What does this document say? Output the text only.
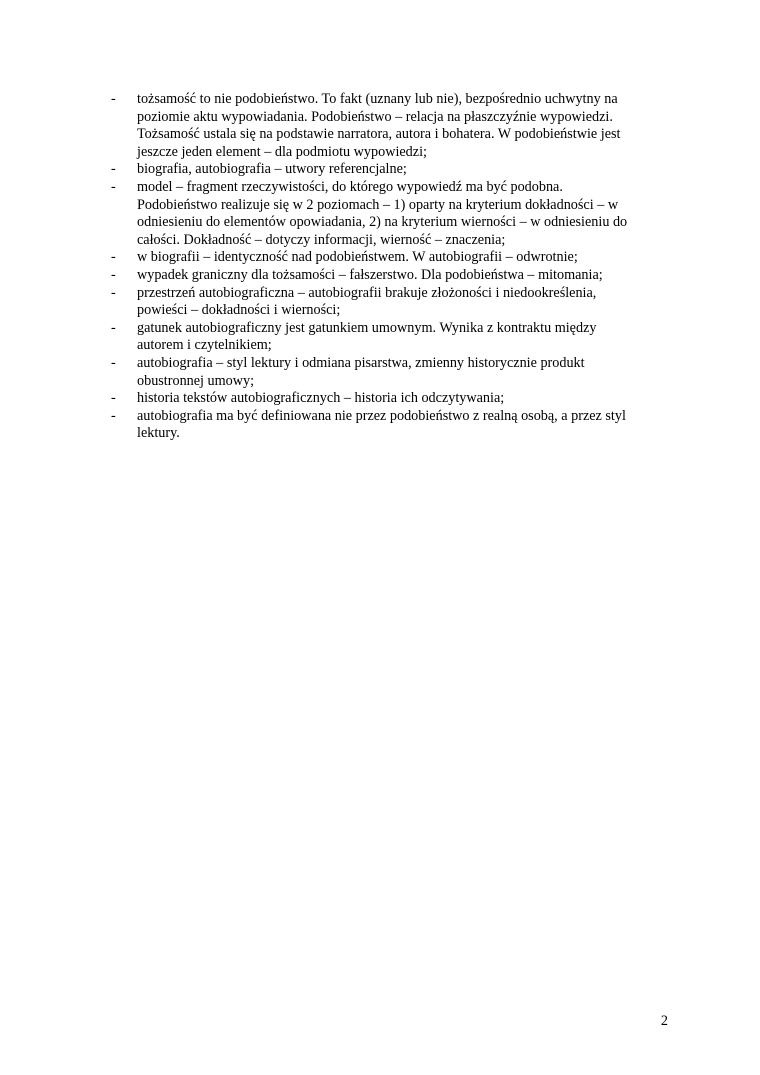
-	tożsamość to nie podobieństwo. To fakt (uznany lub nie), bezpośrednio uchwytny na
poziomie aktu wypowiadania. Podobieństwo – relacja na płaszczyźnie wypowiedzi.
Tożsamość ustala się na podstawie narratora, autora i bohatera. W podobieństwie jest
jeszcze jeden element – dla podmiotu wypowiedzi;
-	biografia, autobiografia – utwory referencjalne;
-	model – fragment rzeczywistości, do którego wypowiedź ma być podobna.
Podobieństwo realizuje się w 2 poziomach – 1) oparty na kryterium dokładności – w
odniesieniu do elementów opowiadania, 2) na kryterium wierności – w odniesieniu do
całości. Dokładność – dotyczy informacji, wierność – znaczenia;
-	w biografii – identyczność nad podobieństwem. W autobiografii – odwrotnie;
-	wypadek graniczny dla tożsamości – fałszerstwo. Dla podobieństwa – mitomania;
-	przestrzeń autobiograficzna – autobiografii brakuje złożoności i niedookreślenia,
powieści – dokładności i wierności;
-	gatunek autobiograficzny jest gatunkiem umownym. Wynika z kontraktu między
autorem i czytelnikiem;
-	autobiografia – styl lektury i odmiana pisarstwa, zmienny historycznie produkt
obustronnej umowy;
-	historia tekstów autobiograficznych – historia ich odczytywania;
-	autobiografia ma być definiowana nie przez podobieństwo z realną osobą, a przez styl
lektury.
2
